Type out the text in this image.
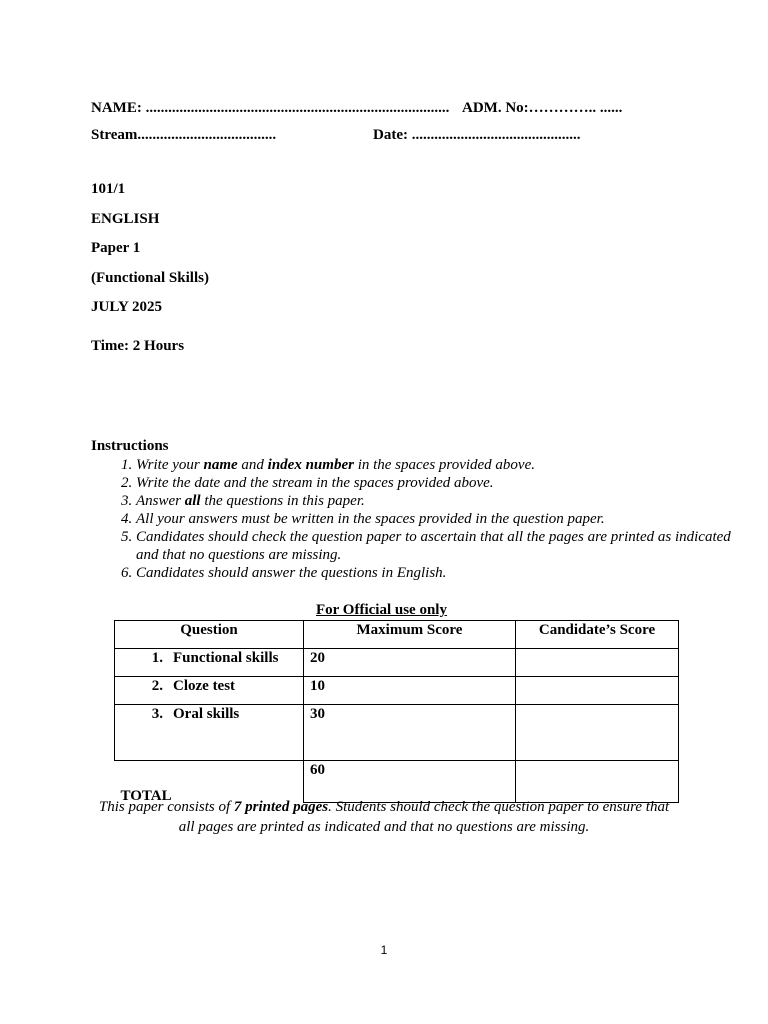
NAME: ................................................................................. ADM. No:………….. ......
Stream.....................................	Date: .............................................
101/1
ENGLISH
Paper 1
(Functional Skills)
JULY 2025
Time: 2 Hours
Instructions
1. Write your name and index number in the spaces provided above.
2. Write the date and the stream in the spaces provided above.
3. Answer all the questions in this paper.
4. All your answers must be written in the spaces provided in the question paper.
5. Candidates should check the question paper to ascertain that all the pages are printed as indicated and that no questions are missing.
6. Candidates should answer the questions in English.
For Official use only
Question	Maximum Score	Candidate’s Score
1. Functional skills	20	
2. Cloze test	10	
3. Oral skills	30	

TOTAL	60	
This paper consists of 7 printed pages. Students should check the question paper to ensure that all pages are printed as indicated and that no questions are missing.
1
